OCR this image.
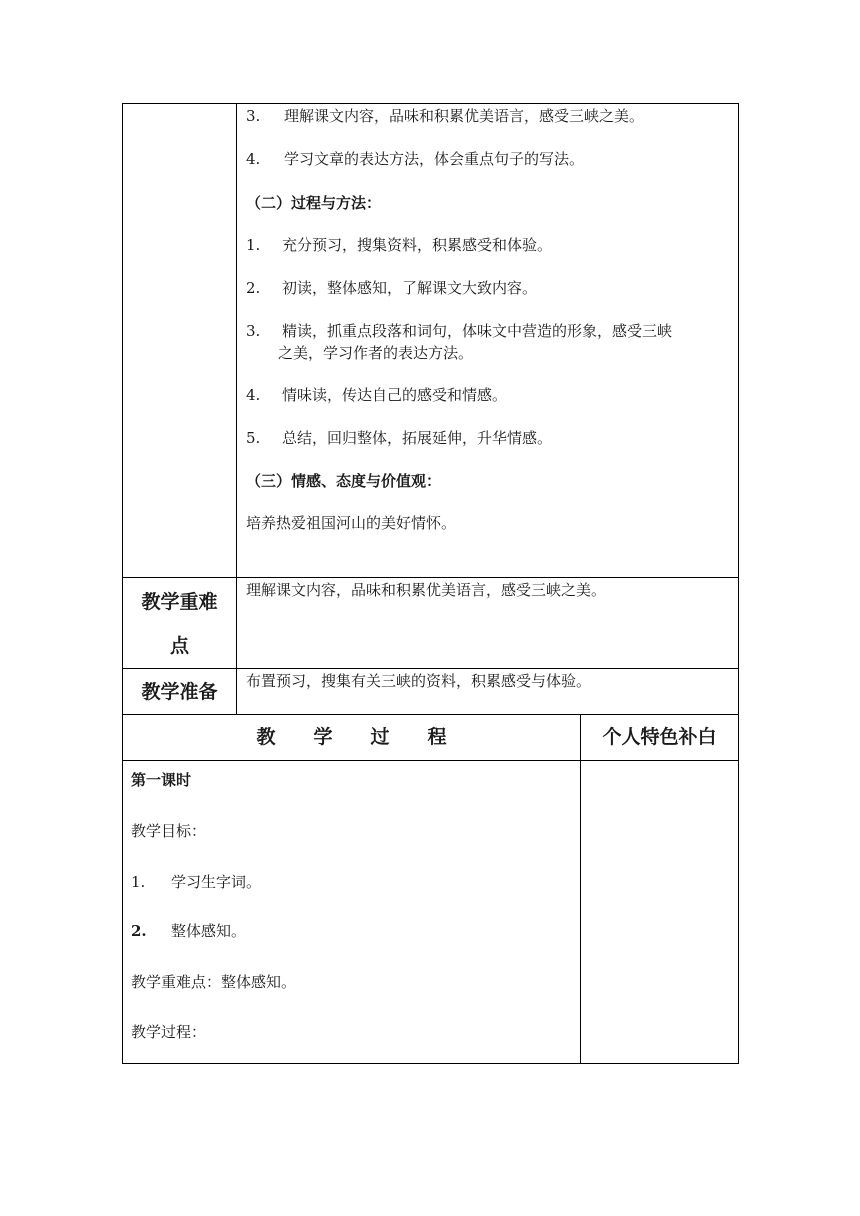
3. 理解课文内容，品味和积累优美语言，感受三峡之美。
4. 学习文章的表达方法，体会重点句子的写法。
（二）过程与方法：
1. 充分预习，搜集资料，积累感受和体验。
2. 初读，整体感知，了解课文大致内容。
3. 精读，抓重点段落和词句，体味文中营造的形象，感受三峡
之美，学习作者的表达方法。
4. 情味读，传达自己的感受和情感。
5. 总结，回归整体，拓展延伸，升华情感。
（三）情感、态度与价值观：
培养热爱祖国河山的美好情怀。
教学重难
点
理解课文内容，品味和积累优美语言，感受三峡之美。
教学准备	布置预习，搜集有关三峡的资料，积累感受与体验。
教　　学　　过　　程	个人特色补白
第一课时
教学目标：
1. 学习生字词。
2. 整体感知。
教学重难点：整体感知。
教学过程：
